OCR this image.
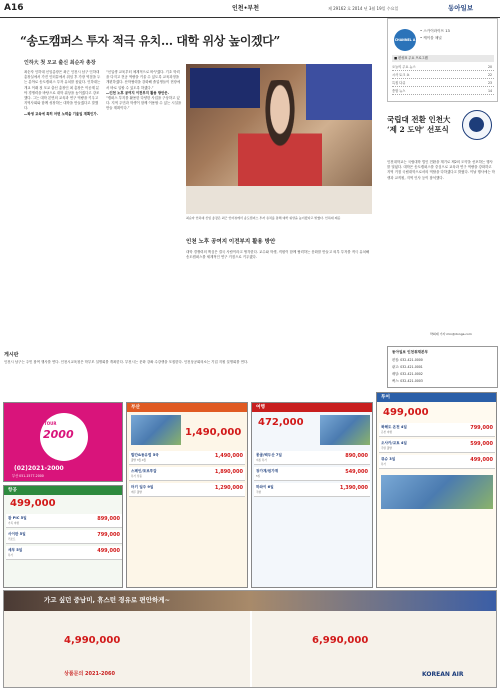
A16	인천•부천	제 29162 호 2014 년 3월 19일 수요일	동아일보
“송도캠퍼스 투자 적극 유치… 대학 위상 높이겠다”
인하大 첫 모교 출신 최순자 총장
CHANNEL A
• 스카이라이프 13
• 케이블 채널
■ 편성표 주요 프로그램
오늘의 주요 뉴스	20
시사 토크 쇼	22
특집 다큐	23
종합 뉴스	14
최순자 인하대 신임총장은 최근 인천시 남구 인하대 총장실에서 가진 인터뷰에서 취임 후 가장 역점을 두는 분야로 송도캠퍼스 투자 유치를 꼽았다. 인하대는 개교 이래 첫 모교 출신 총장인 최 총장은 이공계 분야 경쟁력을 바탕으로 대학 위상을 높이겠다고 강조했다. 그는 대학 본연의 교육과 연구 역량을 키우고 지역사회와 함께 성장하는 대학을 만들겠다고 말했다.
―학생 교육에 특히 어떤 노력을 기울일 계획인가.
“신입생 교육부터 체계적으로 바꾸겠다. 기초 학력을 다지고 전공 역량을 키울 수 있도록 교육과정을 개편하겠다. 산학협력을 강화해 졸업생들이 현장에서 바로 일할 수 있도록 하겠다.”
―인천 노후 공여지 이전부지 활용 방안은.
“캠퍼스 부지를 활용한 다양한 사업을 구상하고 있다. 지역 주민과 학생이 함께 이용할 수 있는 시설을 만들 계획이다.”
최순자 인하대 신임 총장은 최근 인터뷰에서 송도캠퍼스 투자 유치를 통해 대학 위상을 높이겠다고 밝혔다. 인하대 제공
인천 노후 공여지 이전부지 활용 방안
대학 경쟁력의 핵심은 결국 사람이라고 생각한다. 교수와 학생, 직원이 함께 협력하는 문화를 만들고 외부 투자를 적극 유치해 송도캠퍼스를 세계적인 연구 거점으로 키우겠다.
국립대 전환 인천大 ‘제 2 도약’ 선포식
인천대학교는 국립대학 법인 전환을 계기로 제2의 도약을 선포하는 행사를 열었다. 대학은 송도캠퍼스를 중심으로 교육과 연구 역량을 강화하고 지역 거점 국립대학으로서의 역할을 다하겠다고 밝혔다. 이날 행사에는 학생과 교직원, 지역 인사 등이 참석했다.
박희제 기자 min@donga.com
게시판
인천시 남구는 주민 참여 행사를 연다. 인천시교육청은 학부모 설명회를 개최한다. 부천시는 문화 강좌 수강생을 모집한다. 인천상공회의소는 기업 지원 설명회를 연다.
동아일보 인천취재본부
편집: 032-421-0000
광고: 032-421-0001
배달: 032-421-0002
팩스: 032-421-0003
TOUR
2000
(02)2021-2000
부산 051-1577-2000
부산
1,490,000
발칸&동유럽 5국	1,490,000
출발 3월·4월
스페인/포르투갈	1,890,000
특가 상품
터키 일주 9일	1,290,000
매주 출발
여행
472,000
몽골/백두산 7일	890,000
여름 특가
장가계/원가계	549,000
5일
하와이 6일	1,390,000
직항
투어
499,000
북해도 온천 4일	799,000
온천 여행
오사카/교토 4일	599,000
주말 출발
큐슈 3일	499,000
특가
항공
499,000
괌 PIC 5일	899,000
가족 여행
사이판 5일	799,000
리조트
세부 5일	499,000
특가
4,990,000
상품문의 2021-2060
6,990,000
KOREAN AIR
가고 싶던 중남미, 휴스턴 경유로 편안하게~
